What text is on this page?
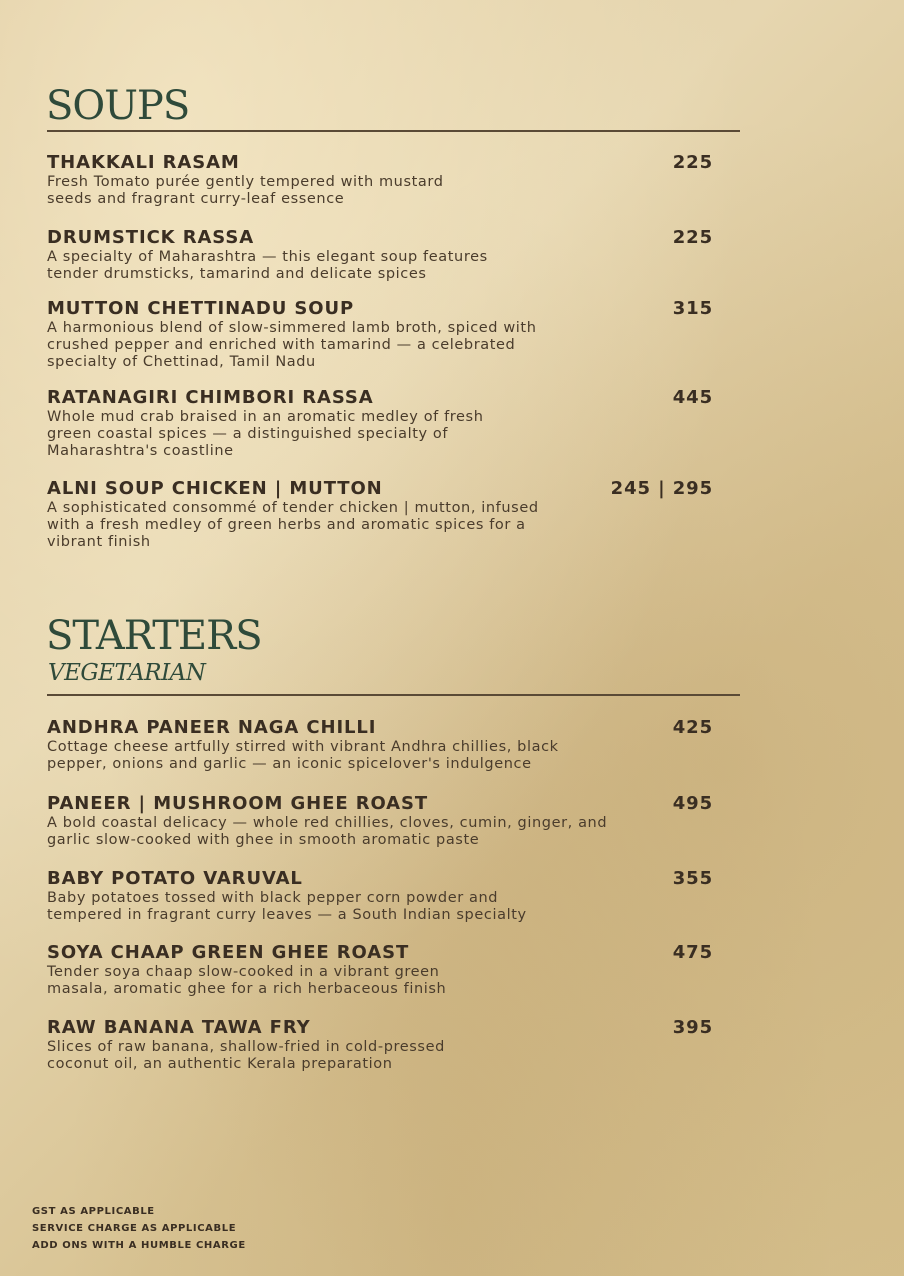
SOUPS
THAKKALI RASAM	225
Fresh Tomato purée gently tempered with mustard seeds and fragrant curry-leaf essence
DRUMSTICK RASSA	225
A specialty of Maharashtra — this elegant soup features tender drumsticks, tamarind and delicate spices
MUTTON CHETTINADU SOUP	315
A harmonious blend of slow-simmered lamb broth, spiced with crushed pepper and enriched with tamarind — a celebrated specialty of Chettinad, Tamil Nadu
RATANAGIRI CHIMBORI RASSA	445
Whole mud crab braised in an aromatic medley of fresh green coastal spices — a distinguished specialty of Maharashtra's coastline
ALNI SOUP CHICKEN | MUTTON	245 | 295
A sophisticated consommé of tender chicken | mutton, infused with a fresh medley of green herbs and aromatic spices for a vibrant finish
STARTERS
VEGETARIAN
ANDHRA PANEER NAGA CHILLI	425
Cottage cheese artfully stirred with vibrant Andhra chillies, black pepper, onions and garlic — an iconic spicelover's indulgence
PANEER | MUSHROOM GHEE ROAST	495
A bold coastal delicacy — whole red chillies, cloves, cumin, ginger, and garlic slow-cooked with ghee in smooth aromatic paste
BABY POTATO VARUVAL	355
Baby potatoes tossed with black pepper corn powder and tempered in fragrant curry leaves — a South Indian specialty
SOYA CHAAP GREEN GHEE ROAST	475
Tender soya chaap slow-cooked in a vibrant green masala, aromatic ghee for a rich herbaceous finish
RAW BANANA TAWA FRY	395
Slices of raw banana, shallow-fried in cold-pressed coconut oil, an authentic Kerala preparation
GST AS APPLICABLE
SERVICE CHARGE AS APPLICABLE
ADD ONS WITH A HUMBLE CHARGE
